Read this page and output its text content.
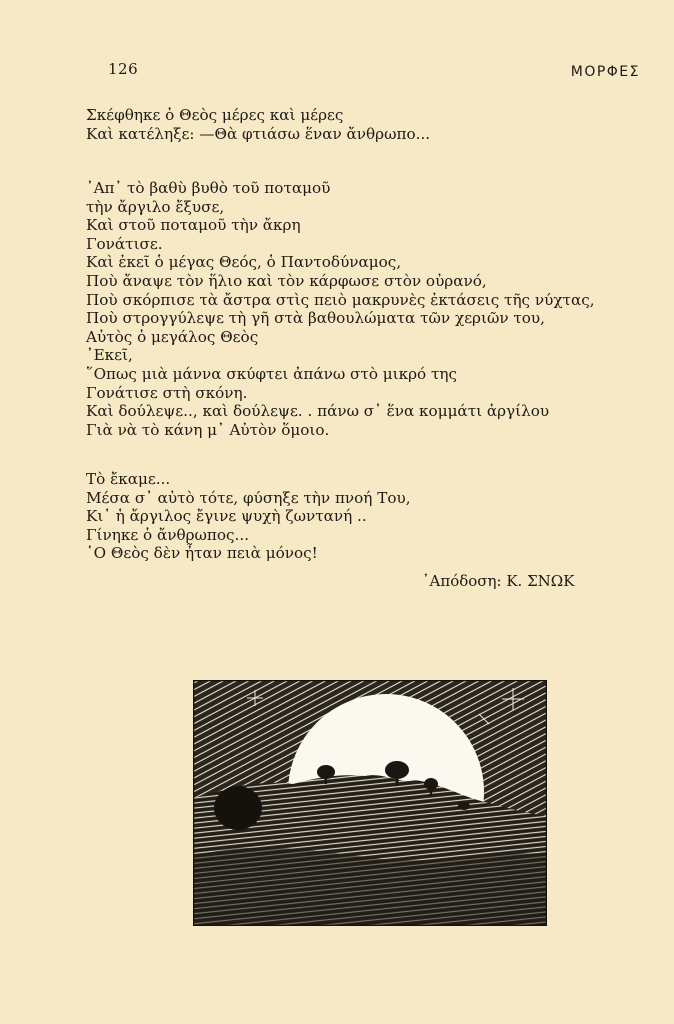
126	ΜΟΡΦΕΣ
Σκέφθηκε ὁ Θεὸς μέρες καὶ μέρες
Καὶ κατέληξε: —Θὰ φτιάσω ἕναν ἄνθρωπο...
᾿Απ᾿ τὸ βαθὺ βυθὸ τοῦ ποταμοῦ
τὴν ἄργιλο ἔξυσε,
Καὶ στοῦ ποταμοῦ τὴν ἄκρη
Γονάτισε.
Καὶ ἐκεῖ ὁ μέγας Θεός, ὁ Παντοδύναμος,
Ποὺ ἄναψε τὸν ἥλιο καὶ τὸν κάρφωσε στὸν οὐρανό,
Ποὺ σκόρπισε τὰ ἄστρα στὶς πειὸ μακρυνὲς ἐκτάσεις τῆς νύχτας,
Ποὺ στρογγύλεψε τὴ γῆ στὰ βαθουλώματα τῶν χεριῶν του,
Αὐτὸς ὁ μεγάλος Θεὸς
᾿Εκεῖ,
῞Οπως μιὰ μάννα σκύφτει ἀπάνω στὸ μικρό της
Γονάτισε στὴ σκόνη.
Καὶ δούλεψε.., καὶ δούλεψε. . πάνω σ᾿ ἕνα κομμάτι ἀργίλου
Γιὰ νὰ τὸ κάνη μ᾿ Αὐτὸν ὅμοιο.
Τὸ ἔκαμε...
Μέσα σ᾿ αὐτὸ τότε, φύσηξε τὴν πνοή Του,
Κι᾿ ἡ ἄργιλος ἔγινε ψυχὴ ζωντανή ..
Γίνηκε ὁ ἄνθρωπος...
῾Ο Θεὸς δὲν ἦταν πειὰ μόνος!
᾿Απόδοση: Κ. ΣΝΩΚ
